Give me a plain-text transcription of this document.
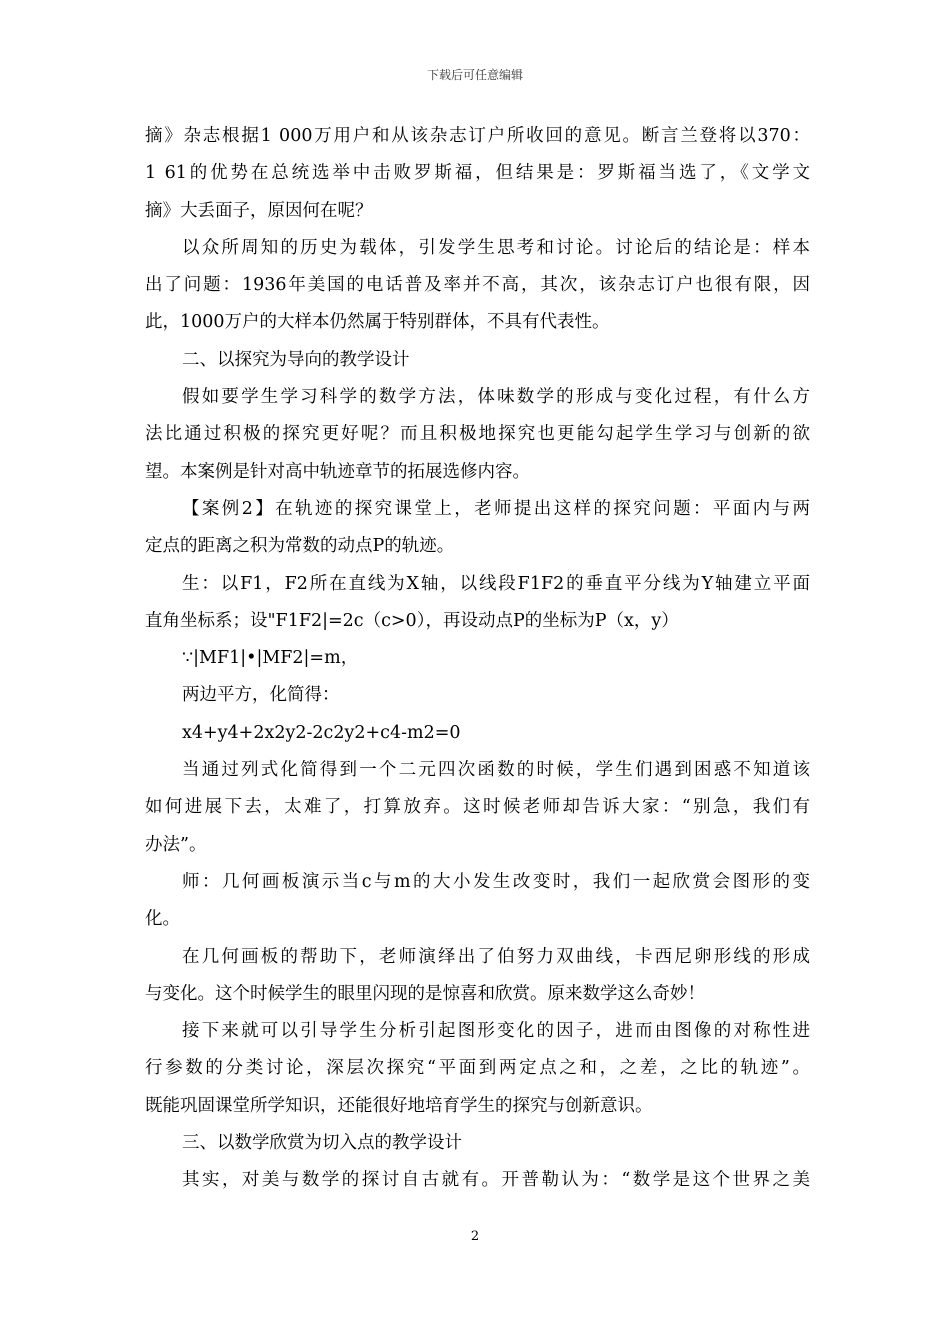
下载后可任意编辑
摘》杂志根据1 000万用户和从该杂志订户所收回的意见。断言兰登将以370：
1 61的优势在总统选举中击败罗斯福，但结果是：罗斯福当选了，《文学文
摘》大丢面子，原因何在呢？
以众所周知的历史为载体，引发学生思考和讨论。讨论后的结论是：样本
出了问题：1936年美国的电话普及率并不高，其次，该杂志订户也很有限，因
此，1000万户的大样本仍然属于特别群体，不具有代表性。
二、以探究为导向的教学设计
假如要学生学习科学的数学方法，体味数学的形成与变化过程，有什么方
法比通过积极的探究更好呢？而且积极地探究也更能勾起学生学习与创新的欲
望。本案例是针对高中轨迹章节的拓展选修内容。
【案例2】在轨迹的探究课堂上，老师提出这样的探究问题：平面内与两
定点的距离之积为常数的动点P的轨迹。
生：以F1，F2所在直线为X轴，以线段F1F2的垂直平分线为Y轴建立平面
直角坐标系；设"F1F2|=2c（c>0），再设动点P的坐标为P（x，y）
∵|MF1|•|MF2|=m，
两边平方，化简得：
x4+y4+2x2y2-2c2y2+c4-m2=0
当通过列式化简得到一个二元四次函数的时候，学生们遇到困惑不知道该
如何进展下去，太难了，打算放弃。这时候老师却告诉大家：“别急，我们有
办法”。
师：几何画板演示当c与m的大小发生改变时，我们一起欣赏会图形的变
化。
在几何画板的帮助下，老师演绎出了伯努力双曲线，卡西尼卵形线的形成
与变化。这个时候学生的眼里闪现的是惊喜和欣赏。原来数学这么奇妙！
接下来就可以引导学生分析引起图形变化的因子，进而由图像的对称性进
行参数的分类讨论，深层次探究“平面到两定点之和，之差，之比的轨迹”。
既能巩固课堂所学知识，还能很好地培育学生的探究与创新意识。
三、以数学欣赏为切入点的教学设计
其实，对美与数学的探讨自古就有。开普勒认为：“数学是这个世界之美
2
